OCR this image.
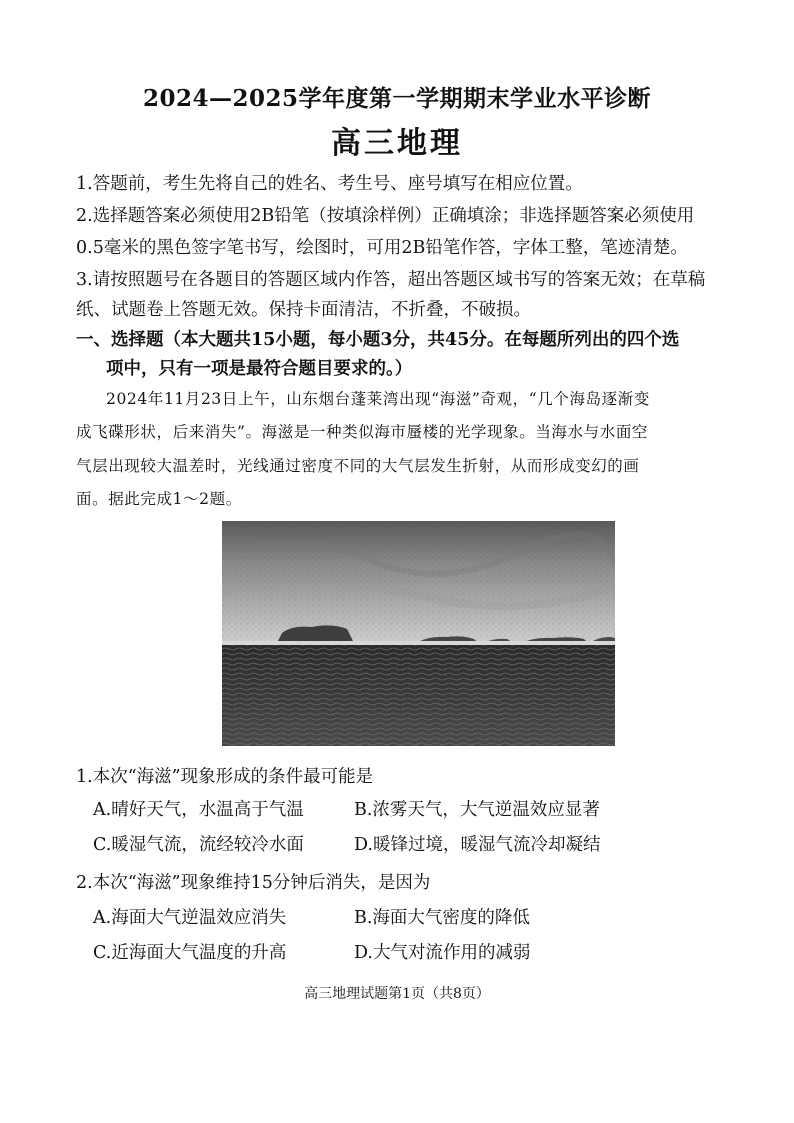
2024—2025学年度第一学期期末学业水平诊断
高三地理
1.答题前，考生先将自己的姓名、考生号、座号填写在相应位置。
2.选择题答案必须使用2B铅笔（按填涂样例）正确填涂；非选择题答案必须使用
0.5毫米的黑色签字笔书写，绘图时，可用2B铅笔作答，字体工整，笔迹清楚。
3.请按照题号在各题目的答题区域内作答，超出答题区域书写的答案无效；在草稿
纸、试题卷上答题无效。保持卡面清洁，不折叠，不破损。
一、选择题（本大题共15小题，每小题3分，共45分。在每题所列出的四个选
项中，只有一项是最符合题目要求的。）
2024年11月23日上午，山东烟台蓬莱湾出现“海滋”奇观，“几个海岛逐渐变
成飞碟形状，后来消失”。海滋是一种类似海市蜃楼的光学现象。当海水与水面空
气层出现较大温差时，光线通过密度不同的大气层发生折射，从而形成变幻的画
面。据此完成1～2题。
1.本次“海滋”现象形成的条件最可能是
A.晴好天气，水温高于气温	B.浓雾天气，大气逆温效应显著
C.暖湿气流，流经较冷水面	D.暖锋过境，暖湿气流冷却凝结
2.本次“海滋”现象维持15分钟后消失，是因为
A.海面大气逆温效应消失	B.海面大气密度的降低
C.近海面大气温度的升高	D.大气对流作用的减弱
高三地理试题第1页（共8页）
